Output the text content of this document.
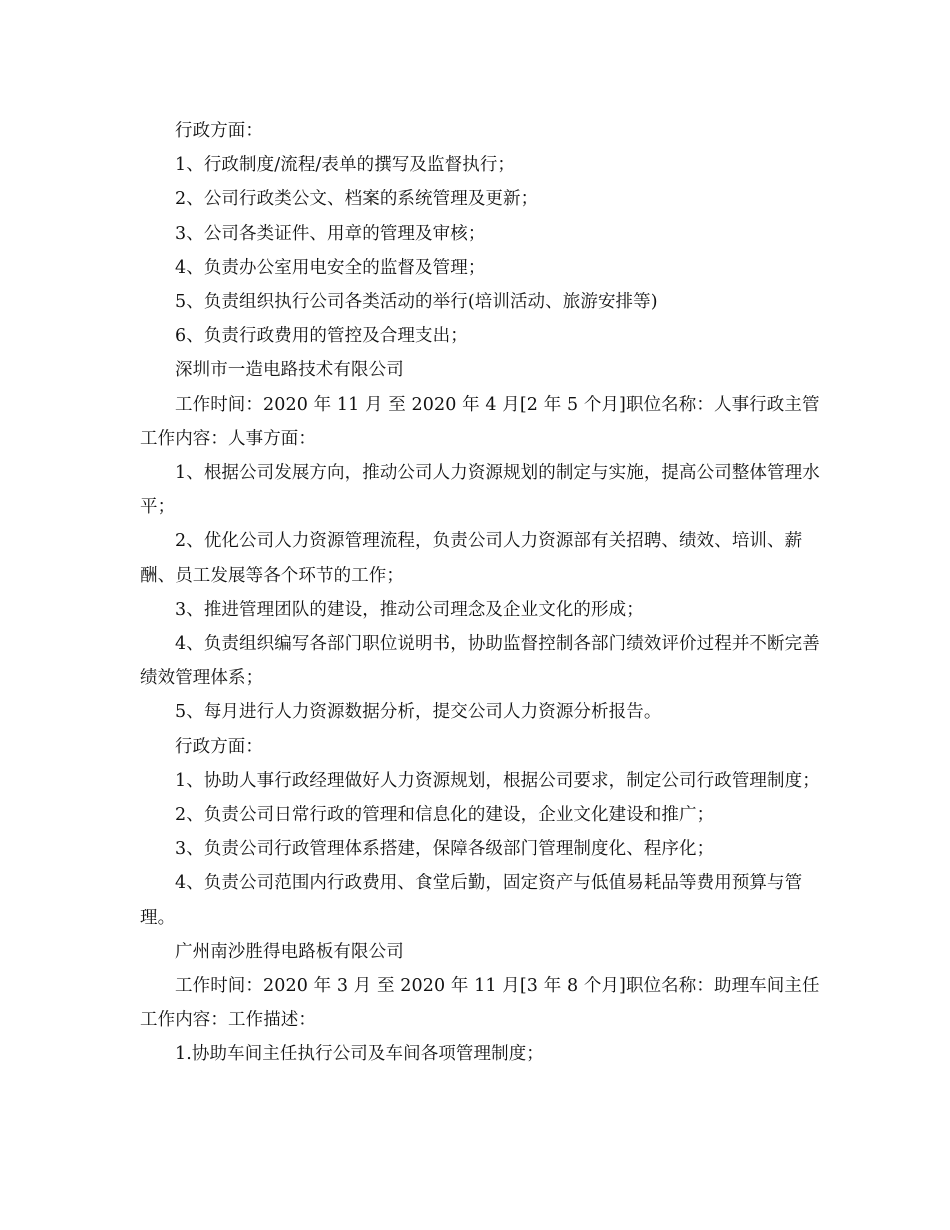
行政方面：

1、行政制度/流程/表单的撰写及监督执行；

2、公司行政类公文、档案的系统管理及更新；

3、公司各类证件、用章的管理及审核；

4、负责办公室用电安全的监督及管理；

5、负责组织执行公司各类活动的举行(培训活动、旅游安排等)

6、负责行政费用的管控及合理支出；

深圳市一造电路技术有限公司

工作时间：2020 年 11 月 至 2020 年 4 月[2 年 5 个月]职位名称：人事行政主管工作内容：人事方面：

1、根据公司发展方向，推动公司人力资源规划的制定与实施，提高公司整体管理水平；

2、优化公司人力资源管理流程，负责公司人力资源部有关招聘、绩效、培训、薪酬、员工发展等各个环节的工作；

3、推进管理团队的建设，推动公司理念及企业文化的形成；

4、负责组织编写各部门职位说明书，协助监督控制各部门绩效评价过程并不断完善绩效管理体系；

5、每月进行人力资源数据分析，提交公司人力资源分析报告。

行政方面：

1、协助人事行政经理做好人力资源规划，根据公司要求，制定公司行政管理制度；

2、负责公司日常行政的管理和信息化的建设，企业文化建设和推广；

3、负责公司行政管理体系搭建，保障各级部门管理制度化、程序化；

4、负责公司范围内行政费用、食堂后勤，固定资产与低值易耗品等费用预算与管理。

广州南沙胜得电路板有限公司

工作时间：2020 年 3 月 至 2020 年 11 月[3 年 8 个月]职位名称：助理车间主任工作内容：工作描述：

1.协助车间主任执行公司及车间各项管理制度；
